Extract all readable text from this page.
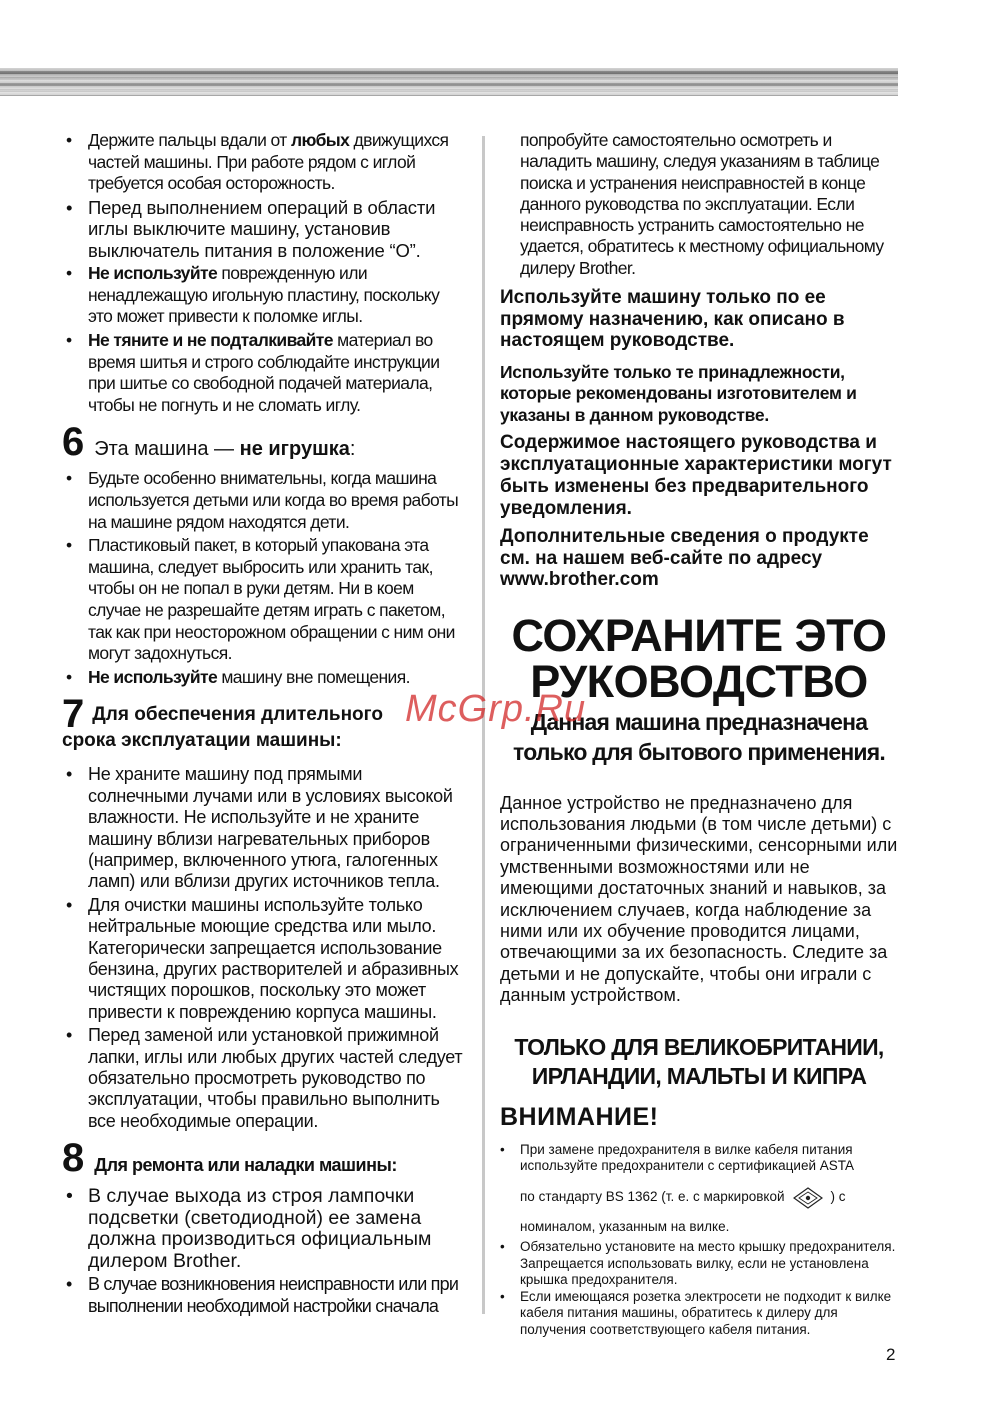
• Держите пальцы вдали от любых движущихся частей машины. При работе рядом с иглой требуется особая осторожность.
• Перед выполнением операций в области иглы выключите машину, установив выключатель питания в положение “O”.
• Не используйте поврежденную или ненадлежащую игольную пластину, поскольку это может привести к поломке иглы.
• Не тяните и не подталкивайте материал во время шитья и строго соблюдайте инструкции при шитье со свободной подачей материала, чтобы не погнуть и не сломать иглу.
6 Эта машина — не игрушка:
• Будьте особенно внимательны, когда машина используется детьми или когда во время работы на машине рядом находятся дети.
• Пластиковый пакет, в который упакована эта машина, следует выбросить или хранить так, чтобы он не попал в руки детям. Ни в коем случае не разрешайте детям играть с пакетом, так как при неосторожном обращении с ним они могут задохнуться.
• Не используйте машину вне помещения.
7 Для обеспечения длительного
срока эксплуатации машины:
• Не храните машину под прямыми солнечными лучами или в условиях высокой влажности. Не используйте и не храните машину вблизи нагревательных приборов (например, включенного утюга, галогенных ламп) или вблизи других источников тепла.
• Для очистки машины используйте только нейтральные моющие средства или мыло. Категорически запрещается использование бензина, других растворителей и абразивных чистящих порошков, поскольку это может привести к повреждению корпуса машины.
• Перед заменой или установкой прижимной лапки, иглы или любых других частей следует обязательно просмотреть руководство по эксплуатации, чтобы правильно выполнить все необходимые операции.
8 Для ремонта или наладки машины:
• В случае выхода из строя лампочки подсветки (светодиодной) ее замена должна производиться официальным дилером Brother.
• В случае возникновения неисправности или при выполнении необходимой настройки сначала
попробуйте самостоятельно осмотреть и наладить машину, следуя указаниям в таблице поиска и устранения неисправностей в конце данного руководства по эксплуатации. Если неисправность устранить самостоятельно не удается, обратитесь к местному официальному дилеру Brother.
Используйте машину только по ее прямому назначению, как описано в настоящем руководстве.
Используйте только те принадлежности, которые рекомендованы изготовителем и указаны в данном руководстве.
Содержимое настоящего руководства и эксплуатационные характеристики могут быть изменены без предварительного уведомления.
Дополнительные сведения о продукте см. на нашем веб-сайте по адресу www.brother.com
СОХРАНИТЕ ЭТО
РУКОВОДСТВО
Данная машина предназначена
только для бытового применения.
Данное устройство не предназначено для использования людьми (в том числе детьми) с ограниченными физическими, сенсорными или умственными возможностями или не имеющими достаточных знаний и навыков, за исключением случаев, когда наблюдение за ними или их обучение проводится лицами, отвечающими за их безопасность. Следите за детьми и не допускайте, чтобы они играли с данным устройством.
ТОЛЬКО ДЛЯ ВЕЛИКОБРИТАНИИ,
ИРЛАНДИИ, МАЛЬТЫ И КИПРА
ВНИМАНИЕ!
• При замене предохранителя в вилке кабеля питания используйте предохранители с сертификацией ASTA
по стандарту BS 1362 (т. е. с маркировкой	) с
номиналом, указанным на вилке.
• Обязательно установите на место крышку предохранителя. Запрещается использовать вилку, если не установлена крышка предохранителя.
• Если имеющаяся розетка электросети не подходит к вилке кабеля питания машины, обратитесь к дилеру для получения соответствующего кабеля питания.
McGrp.Ru
2
